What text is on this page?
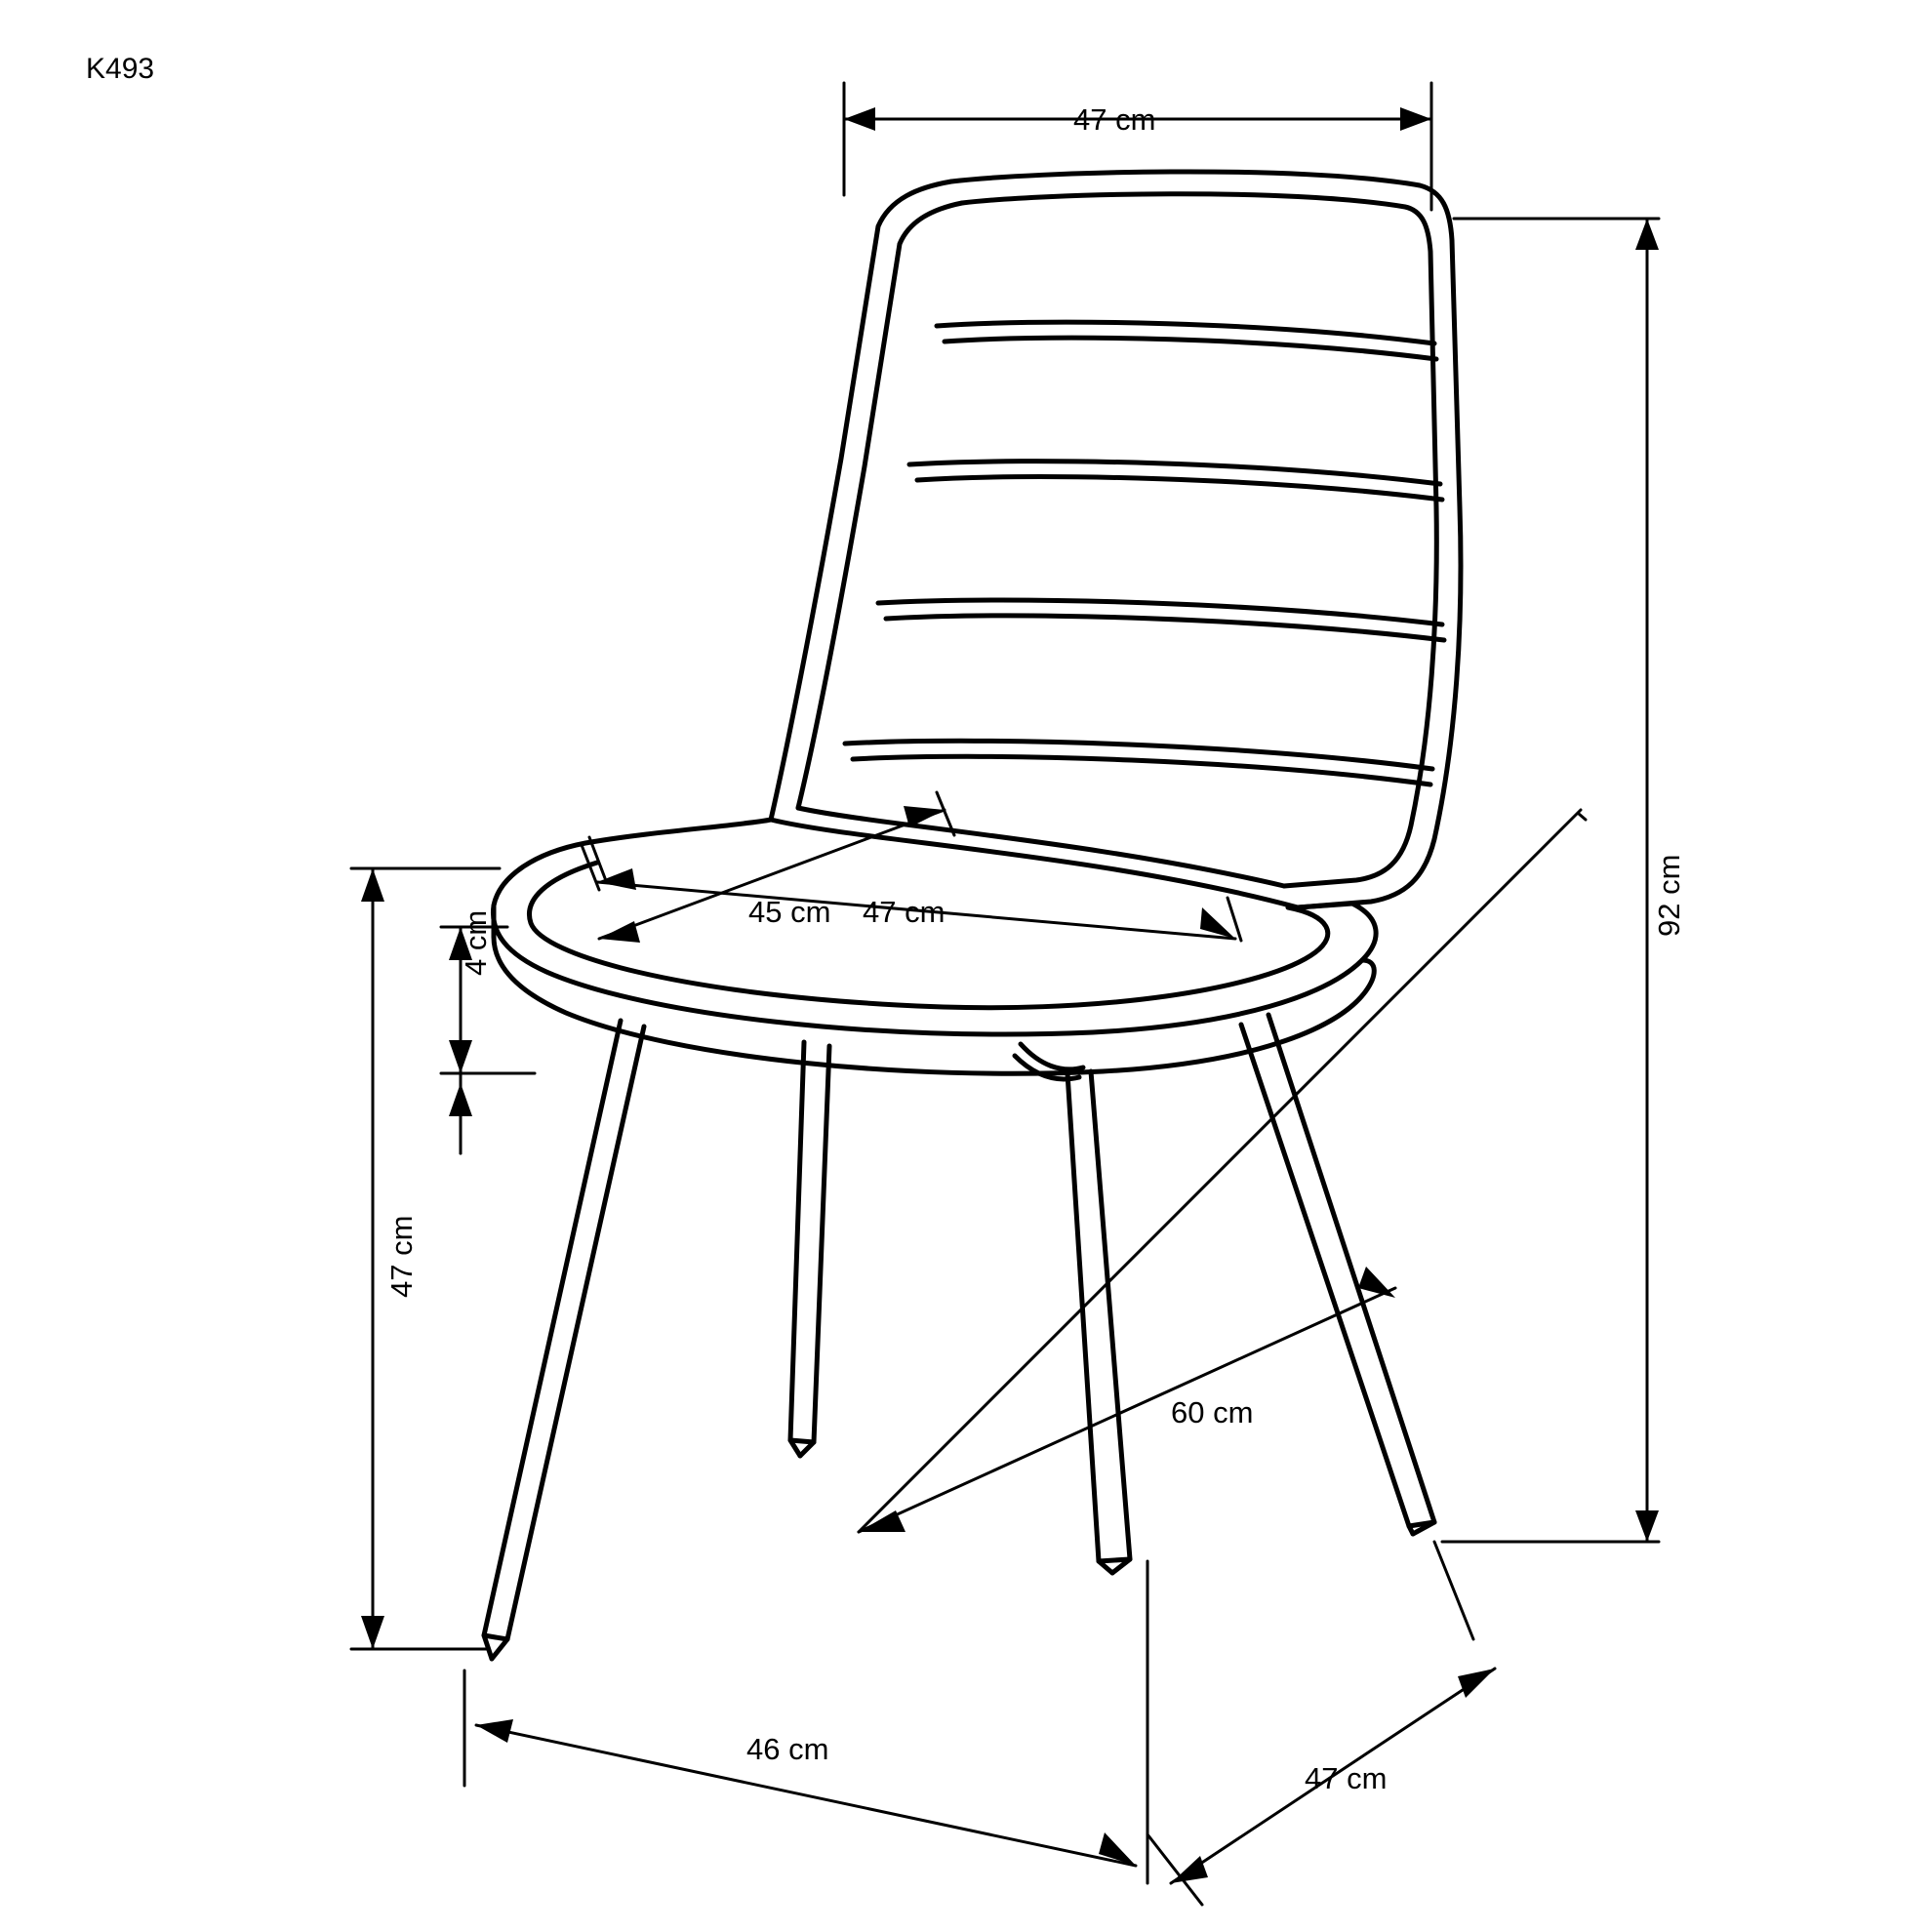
K493
47 cm
92 cm
45 cm 47 cm
4 cm
47 cm
60 cm
46 cm
47 cm
